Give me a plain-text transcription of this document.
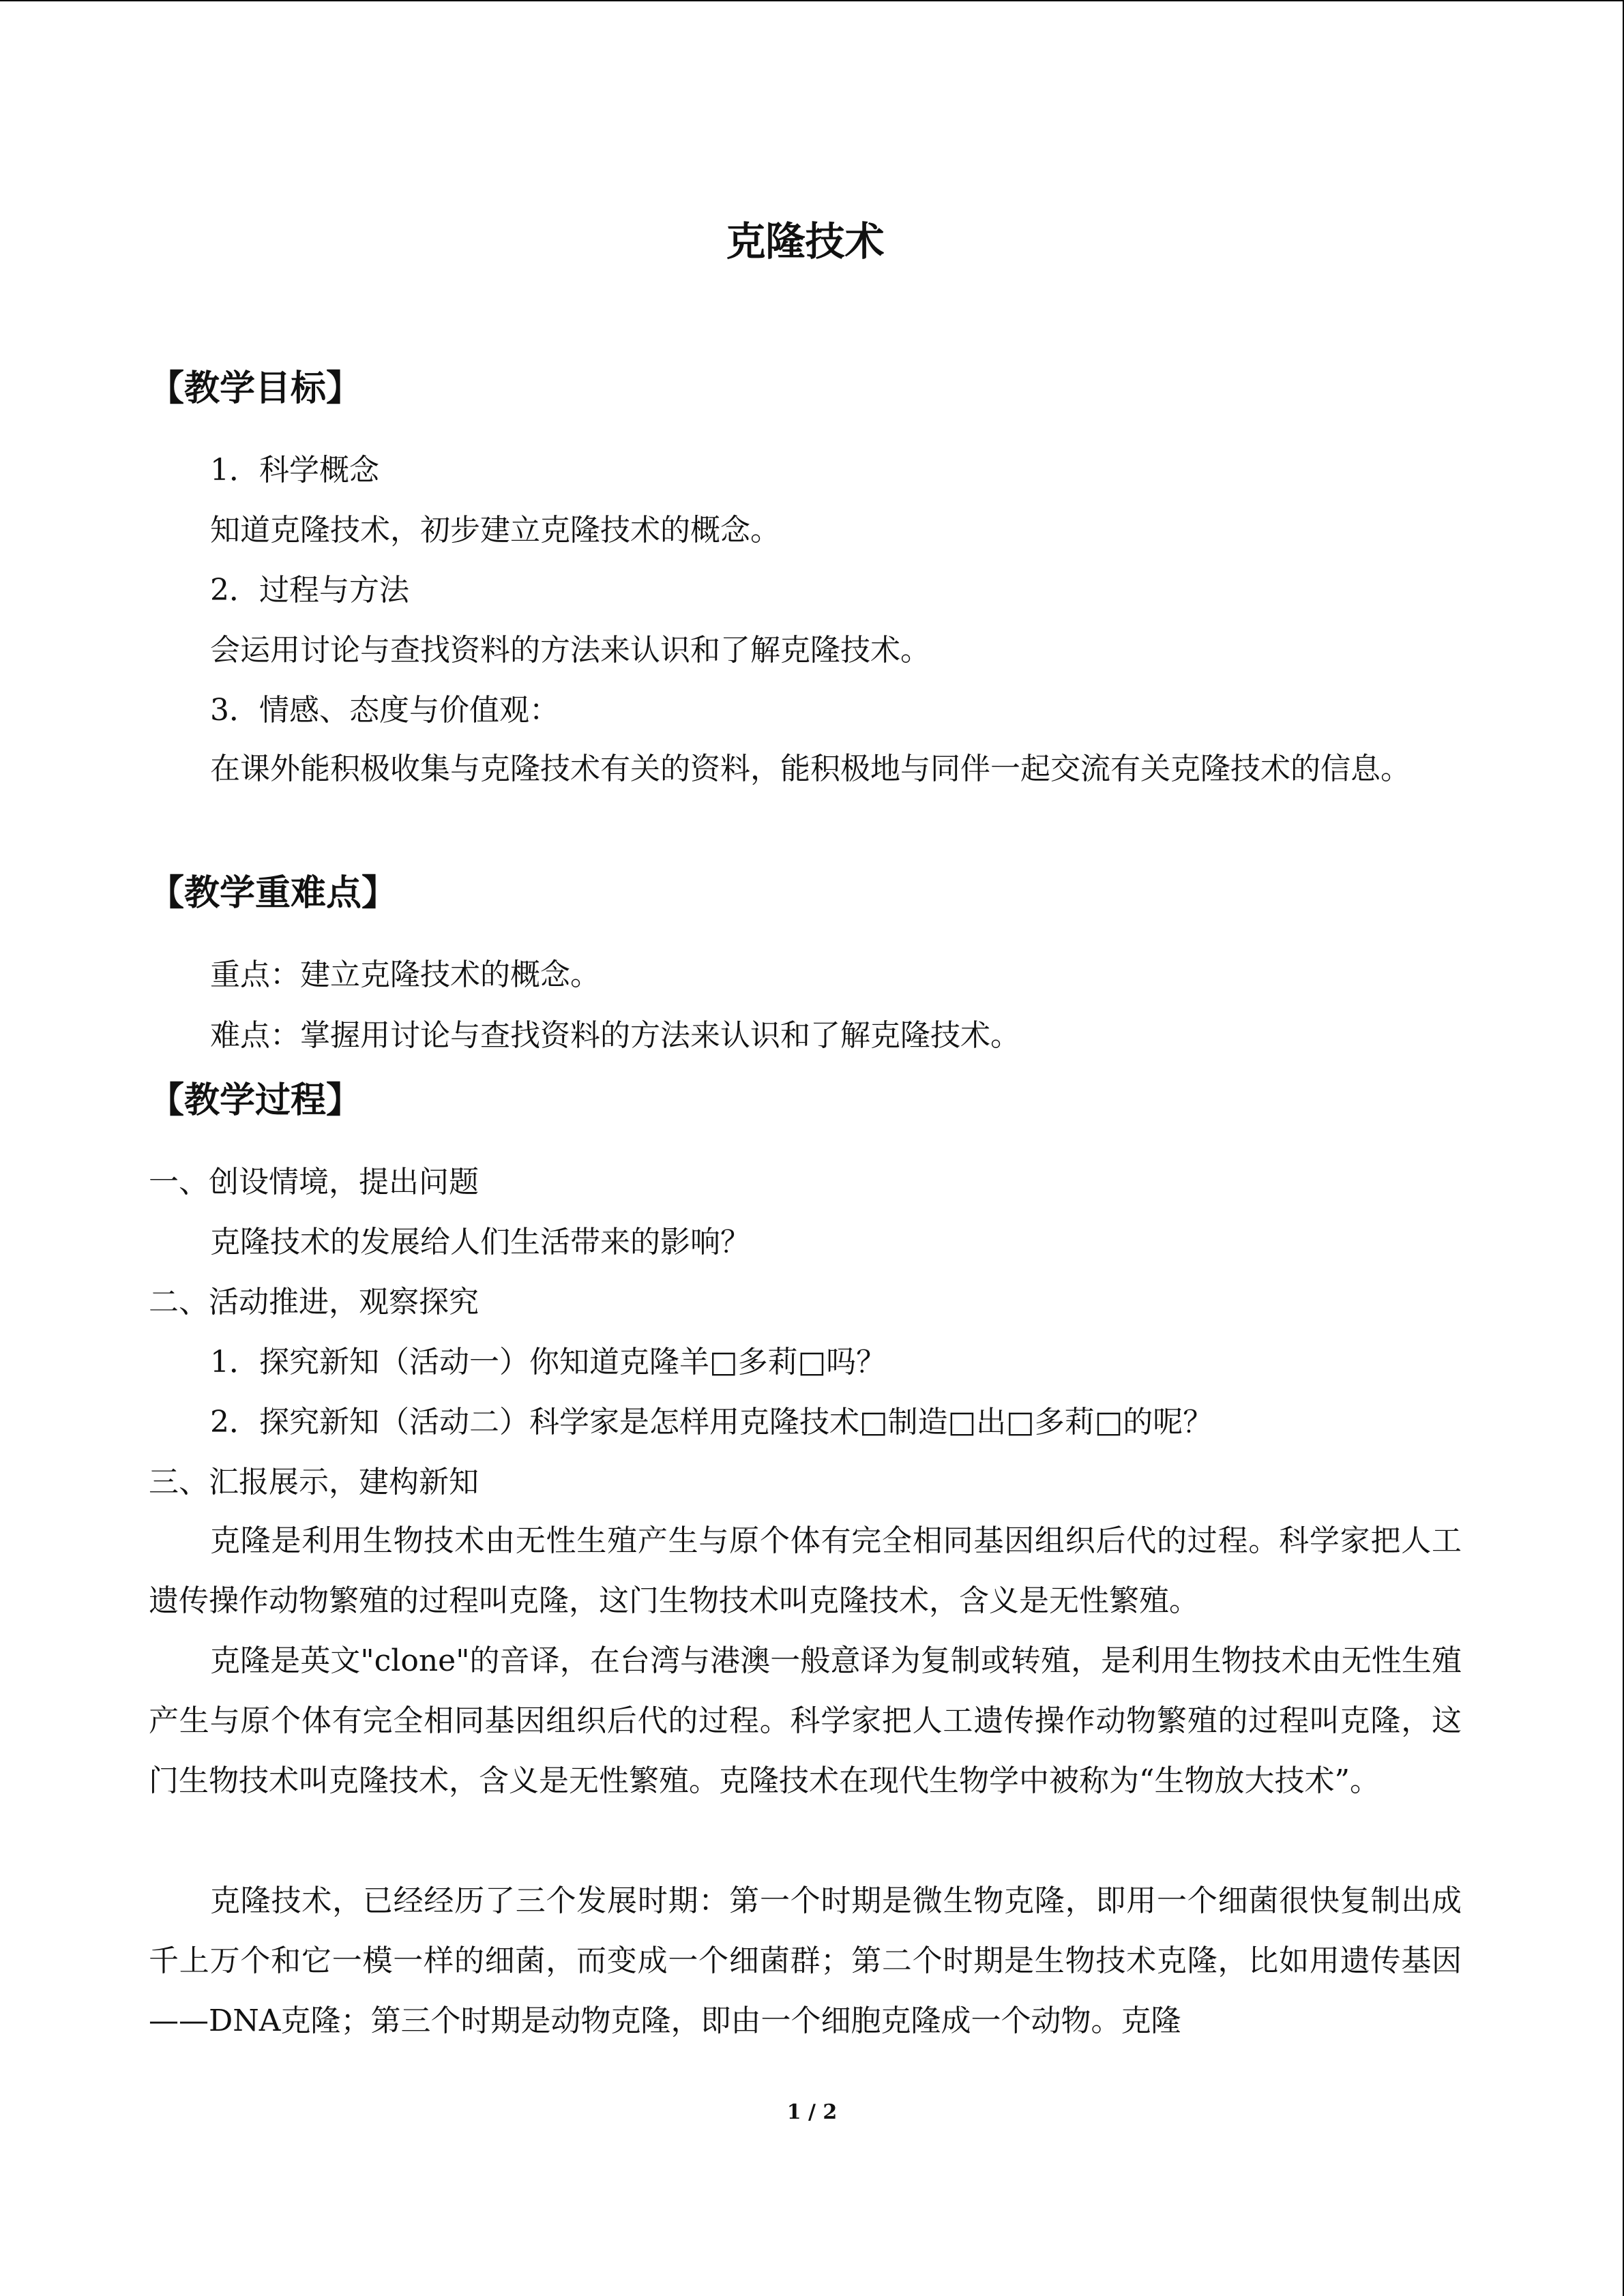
克隆技术
【教学目标】
1．科学概念
知道克隆技术，初步建立克隆技术的概念。
2．过程与方法
会运用讨论与查找资料的方法来认识和了解克隆技术。
3．情感、态度与价值观：
在课外能积极收集与克隆技术有关的资料，能积极地与同伴一起交流有关克隆技术的信息。
【教学重难点】
重点：建立克隆技术的概念。
难点：掌握用讨论与查找资料的方法来认识和了解克隆技术。
【教学过程】
一、创设情境，提出问题
克隆技术的发展给人们生活带来的影响？
二、活动推进，观察探究
1．探究新知（活动一）你知道克隆羊□多莉□吗？
2．探究新知（活动二）科学家是怎样用克隆技术□制造□出□多莉□的呢？
三、汇报展示，建构新知
克隆是利用生物技术由无性生殖产生与原个体有完全相同基因组织后代的过程。科学家把人工遗传操作动物繁殖的过程叫克隆，这门生物技术叫克隆技术，含义是无性繁殖。
克隆是英文"clone"的音译，在台湾与港澳一般意译为复制或转殖，是利用生物技术由无性生殖产生与原个体有完全相同基因组织后代的过程。科学家把人工遗传操作动物繁殖的过程叫克隆，这门生物技术叫克隆技术，含义是无性繁殖。克隆技术在现代生物学中被称为“生物放大技术”。
克隆技术，已经经历了三个发展时期：第一个时期是微生物克隆，即用一个细菌很快复制出成千上万个和它一模一样的细菌，而变成一个细菌群；第二个时期是生物技术克隆，比如用遗传基因——DNA克隆；第三个时期是动物克隆，即由一个细胞克隆成一个动物。克隆
1 / 2
